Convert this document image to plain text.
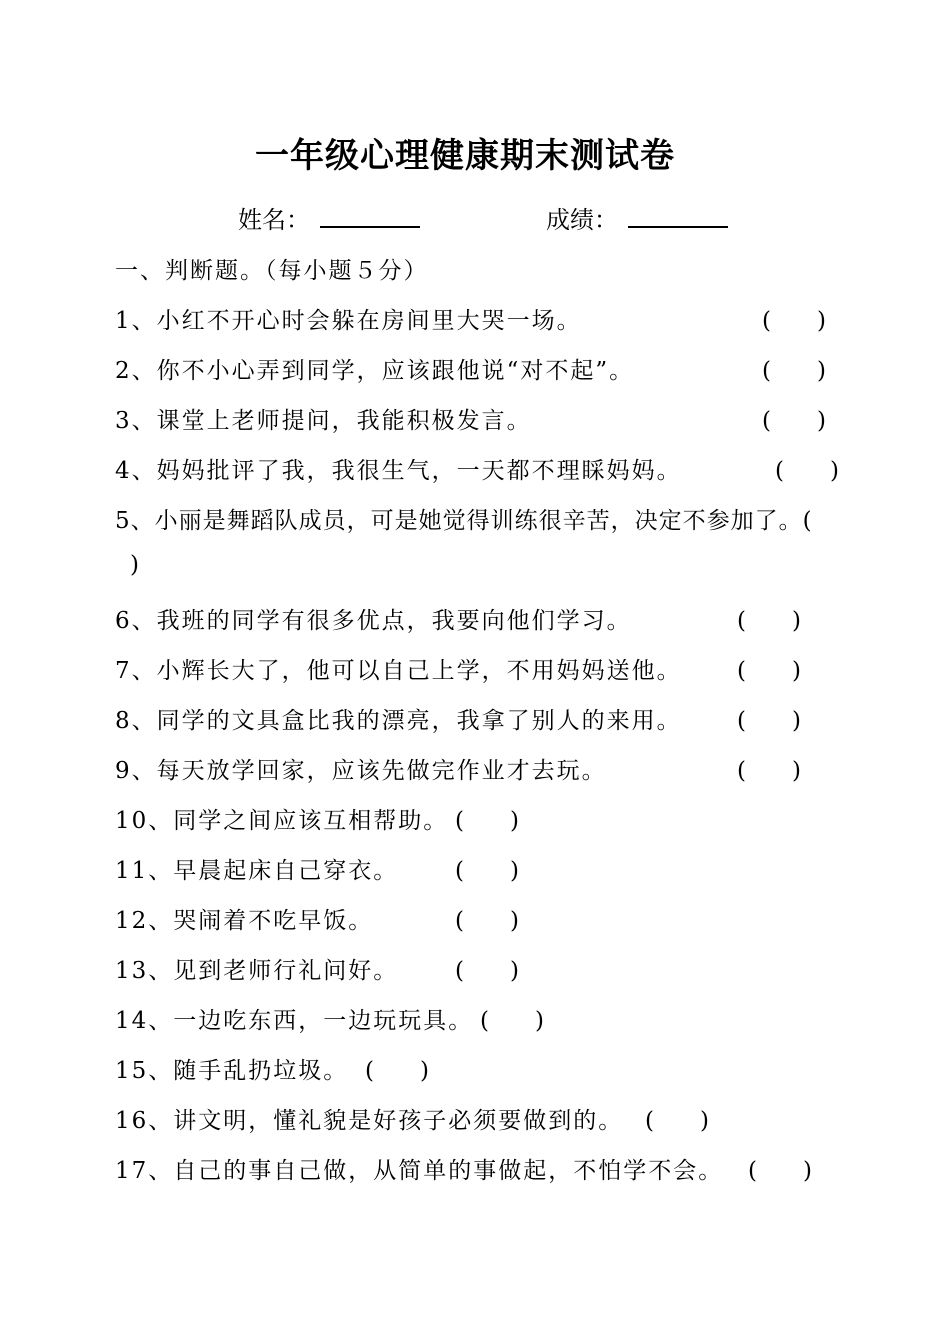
一年级心理健康期末测试卷
姓名：	成绩：
一、判断题。（每小题５分）
1、小红不开心时会躲在房间里大哭一场。	(　　)
2、你不小心弄到同学，应该跟他说“对不起”。	(　　)
3、课堂上老师提问，我能积极发言。	(　　)
4、妈妈批评了我，我很生气，一天都不理睬妈妈。	(　　)
5、小丽是舞蹈队成员，可是她觉得训练很辛苦，决定不参加了。(
)
6、我班的同学有很多优点，我要向他们学习。	(　　)
7、小辉长大了，他可以自己上学，不用妈妈送他。 (　　)
8、同学的文具盒比我的漂亮，我拿了别人的来用。 (　　)
9、每天放学回家，应该先做完作业才去玩。	(　　)
10、同学之间应该互相帮助。 (　　)
11、早晨起床自己穿衣。 (　　)
12、哭闹着不吃早饭。	(　　)
13、见到老师行礼问好。 (　　)
14、一边吃东西，一边玩玩具。 (　　)
15、随手乱扔垃圾。 (　　)
16、讲文明，懂礼貌是好孩子必须要做到的。 (　　)
17、自己的事自己做，从简单的事做起，不怕学不会。 (　　)
